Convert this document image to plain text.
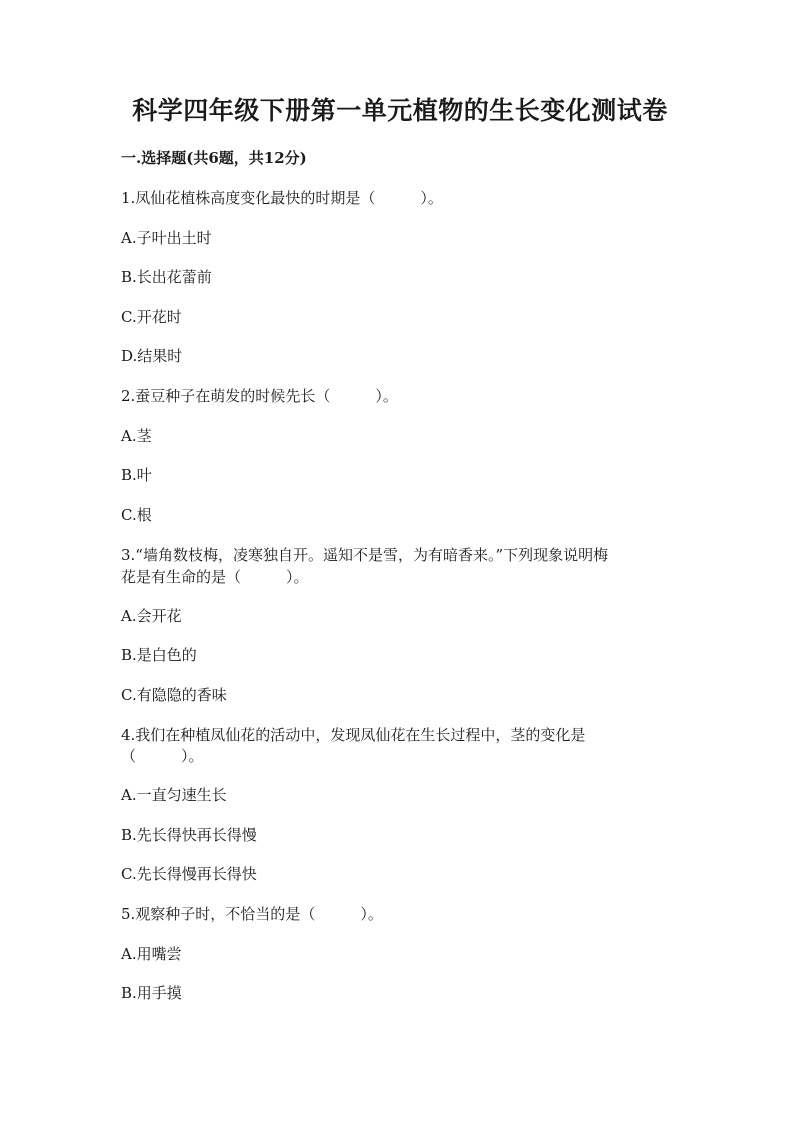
科学四年级下册第一单元植物的生长变化测试卷
一.选择题(共6题，共12分)
1.凤仙花植株高度变化最快的时期是（　　　）。
A.子叶出土时
B.长出花蕾前
C.开花时
D.结果时
2.蚕豆种子在萌发的时候先长（　　　）。
A.茎
B.叶
C.根
3.“墙角数枝梅，凌寒独自开。遥知不是雪，为有暗香来。”下列现象说明梅
花是有生命的是（　　　）。
A.会开花
B.是白色的
C.有隐隐的香味
4.我们在种植凤仙花的活动中，发现凤仙花在生长过程中，茎的变化是
（　　　）。
A.一直匀速生长
B.先长得快再长得慢
C.先长得慢再长得快
5.观察种子时，不恰当的是（　　　）。
A.用嘴尝
B.用手摸
